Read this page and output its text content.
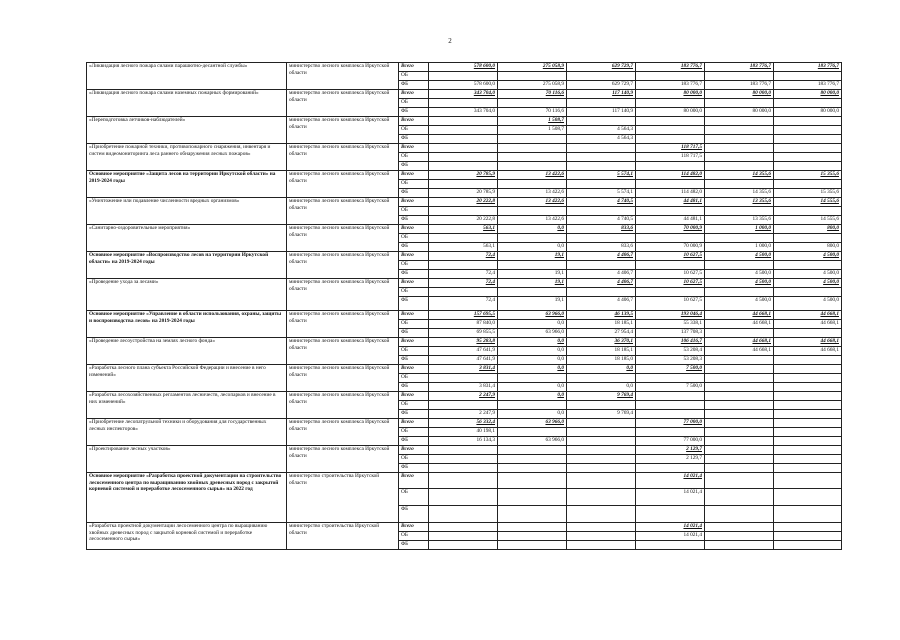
2
«Ликвидация лесного пожара силами парашютно-десантной службы»	министерство лесного комплекса Иркутской области	Всего	578 600,0	275 058,9	629 729,7	183 776,7	183 776,7	183 776,7
		ОБ						
		ФБ	578 600,0	275 058,9	629 729,7	183 776,7	183 776,7	183 776,7
«Ликвидация лесного пожара силами наземных пожарных формирований»	министерство лесного комплекса Иркутской области	Всего	343 704,0	70 116,6	117 140,9	80 000,0	80 000,0	80 000,0
		ОБ						
		ФБ	343 704,0	70 116,6	117 140,9	80 000,0	80 000,0	80 000,0
«Переподготовка летчиков-наблюдателей»	министерство лесного комплекса Иркутской области	Всего		1 508,7				
		ОБ		1 508,7	4 564,3			
		ФБ			4 564,3			
«Приобретение пожарной техники, противопожарного снаряжения, инвентаря и систем видеомониторинга леса раннего обнаружения лесных пожаров»	министерство лесного комплекса Иркутской области	Всего				118 717,5		
		ОБ				118 717,5		
		ФБ						
Основное мероприятие «Защита лесов на территории Иркутской области» на 2019-2024 годы	министерство лесного комплекса Иркутской области	Всего	20 785,9	13 422,6	5 574,1	114 482,0	14 355,6	15 355,6
		ОБ						
		ФБ	20 785,9	13 422,6	5 574,1	114 482,0	14 355,6	15 355,6
«Уничтожение или подавление численности вредных организмов»	министерство лесного комплекса Иркутской области	Всего	20 222,8	13 422,6	4 740,5	44 481,1	13 355,6	14 555,6
		ОБ						
		ФБ	20 222,8	13 422,6	4 740,5	44 481,1	13 355,6	14 555,6
«Санитарно-оздоровительные мероприятия»	министерство лесного комплекса Иркутской области	Всего	563,1	0,0	833,6	70 000,9	1 000,0	800,0
		ОБ						
		ФБ	563,1	0,0	833,6	70 000,9	1 000,0	800,0
Основное мероприятие «Воспроизводство лесов на территории Иркутской области» на 2019-2024 годы	министерство лесного комплекса Иркутской области	Всего	72,4	19,1	4 406,7	10 627,5	4 500,0	4 500,0
		ОБ						
		ФБ	72,4	19,1	4 406,7	10 627,5	4 500,0	4 500,0
«Проведение ухода за лесами»	министерство лесного комплекса Иркутской области	Всего	72,4	19,1	4 406,7	10 627,5	4 500,0	4 500,0
		ОБ						
		ФБ	72,4	19,1	4 406,7	10 627,5	4 500,0	4 500,0
Основное мероприятие «Управление в области использования, охраны, защиты и воспроизводства лесов» на 2019-2024 годы	министерство лесного комплекса Иркутской области	Всего	157 695,5	63 966,0	46 139,5	193 046,4	44 668,1	44 668,1
		ОБ	87 840,0	0,0	18 185,1	55 338,1	44 668,1	44 668,1
		ФБ	69 855,5	63 966,0	27 954,4	137 708,3		
«Проведение лесоустройства на землях лесного фонда»	министерство лесного комплекса Иркутской области	Всего	95 283,8	0,0	36 370,1	106 416,7	44 668,1	44 668,1
		ОБ	47 641,9	0,0	18 185,1	53 208,4	44 668,1	44 668,1
		ФБ	47 641,9	0,0	18 185,0	53 208,3		
«Разработка лесного плана субъекта Российской Федерации и внесение в него изменений»	министерство лесного комплекса Иркутской области	Всего	3 831,4	0,0	0,0	7 500,0		
		ОБ						
		ФБ	3 831,4	0,0	0,0	7 500,0		
«Разработка лесохозяйственных регламентов лесничеств, лесопарков и внесение в них изменений»	министерство лесного комплекса Иркутской области	Всего	2 247,9	0,0	9 769,4			
		ОБ						
		ФБ	2 247,9	0,0	9 769,4			
«Приобретение лесопатрульной техники и оборудования для государственных лесных инспекторов»	министерство лесного комплекса Иркутской области	Всего	56 332,4	63 966,0		77 000,0		
		ОБ	40 198,1					
		ФБ	16 134,3	63 966,0		77 000,0		
«Проектирование лесных участков»	министерство лесного комплекса Иркутской области	Всего				2 129,7		
		ОБ				2 129,7		
		ФБ						
Основное мероприятие «Разработка проектной документации на строительство лесосеменного центра по выращиванию хвойных древесных пород с закрытой корневой системой и переработке лесосеменного сырья» на 2022 год	министерство строительства Иркутской области	Всего				14 021,4		
		ОБ				14 021,4		
		ФБ						
«Разработка проектной документации лесосеменного центра по выращиванию хвойных древесных пород с закрытой корневой системой и переработке лесосеменного сырья»	министерство строительства Иркутской области	Всего				14 021,4		
		ОБ				14 021,4		
		ФБ						
